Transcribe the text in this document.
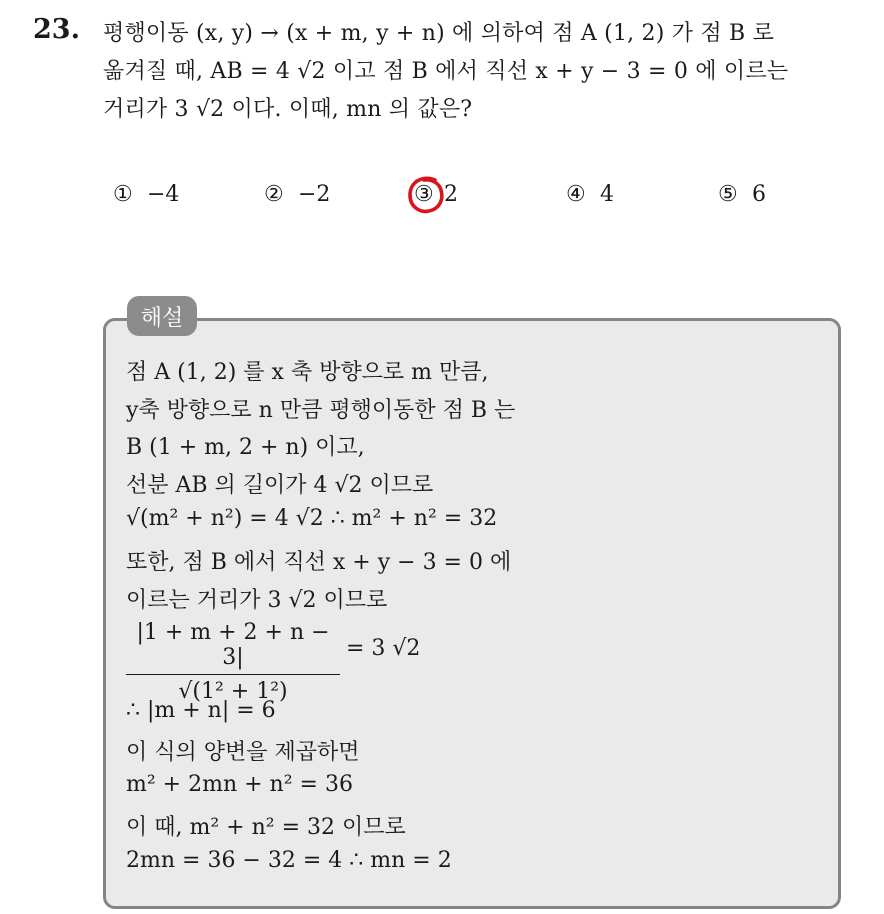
23. 평행이동 (x, y) → (x + m, y + n) 에 의하여 점 A (1, 2) 가 점 B 로
옮겨질 때, AB = 4 √2 이고 점 B 에서 직선 x + y − 3 = 0 에 이르는
거리가 3 √2 이다. 이때, mn 의 값은?
① −4	② −2	③ 2	④ 4	⑤ 6
해설
점 A (1, 2) 를 x 축 방향으로 m 만큼,
y축 방향으로 n 만큼 평행이동한 점 B 는
B (1 + m, 2 + n) 이고,
선분 AB 의 길이가 4 √2 이므로
√(m² + n²) = 4 √2 ∴ m² + n² = 32
또한, 점 B 에서 직선 x + y − 3 = 0 에
이르는 거리가 3 √2 이므로
|1 + m + 2 + n − 3|
√(1² + 1²)
= 3 √2
∴ |m + n| = 6
이 식의 양변을 제곱하면
m² + 2mn + n² = 36
이 때, m² + n² = 32 이므로
2mn = 36 − 32 = 4 ∴ mn = 2
